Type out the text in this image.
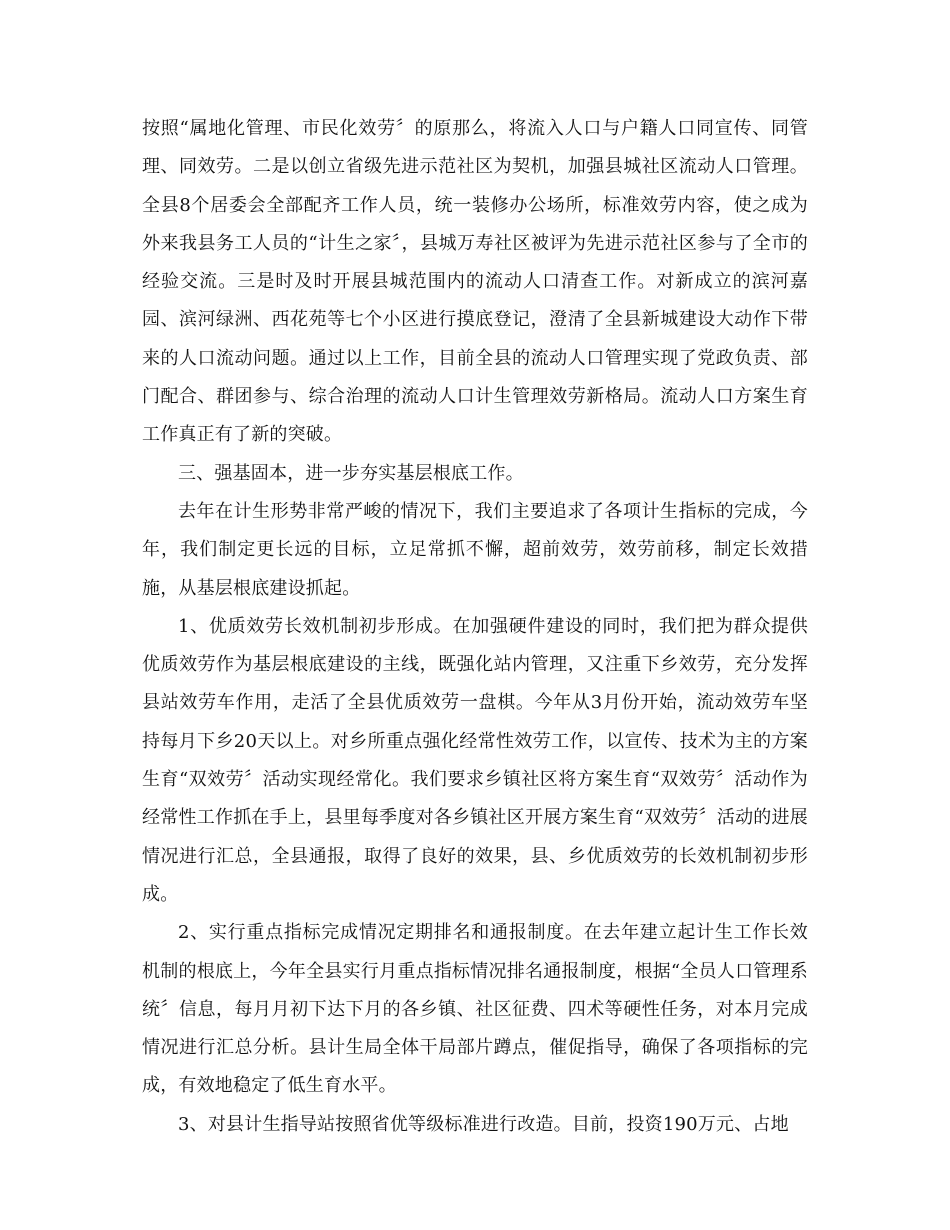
按照“属地化管理、市民化效劳〞的原那么，将流入人口与户籍人口同宣传、同管理、同效劳。二是以创立省级先进示范社区为契机，加强县城社区流动人口管理。全县8个居委会全部配齐工作人员，统一装修办公场所，标准效劳内容，使之成为外来我县务工人员的“计生之家〞，县城万寿社区被评为先进示范社区参与了全市的经验交流。三是时及时开展县城范围内的流动人口清查工作。对新成立的滨河嘉园、滨河绿洲、西花苑等七个小区进行摸底登记，澄清了全县新城建设大动作下带来的人口流动问题。通过以上工作，目前全县的流动人口管理实现了党政负责、部门配合、群团参与、综合治理的流动人口计生管理效劳新格局。流动人口方案生育工作真正有了新的突破。

三、强基固本，进一步夯实基层根底工作。

去年在计生形势非常严峻的情况下，我们主要追求了各项计生指标的完成，今年，我们制定更长远的目标，立足常抓不懈，超前效劳，效劳前移，制定长效措施，从基层根底建设抓起。

1、优质效劳长效机制初步形成。在加强硬件建设的同时，我们把为群众提供优质效劳作为基层根底建设的主线，既强化站内管理，又注重下乡效劳，充分发挥县站效劳车作用，走活了全县优质效劳一盘棋。今年从3月份开始，流动效劳车坚持每月下乡20天以上。对乡所重点强化经常性效劳工作，以宣传、技术为主的方案生育“双效劳〞活动实现经常化。我们要求乡镇社区将方案生育“双效劳〞活动作为经常性工作抓在手上，县里每季度对各乡镇社区开展方案生育“双效劳〞活动的进展情况进行汇总，全县通报，取得了良好的效果，县、乡优质效劳的长效机制初步形成。

2、实行重点指标完成情况定期排名和通报制度。在去年建立起计生工作长效机制的根底上，今年全县实行月重点指标情况排名通报制度，根据“全员人口管理系统〞信息，每月月初下达下月的各乡镇、社区征费、四术等硬性任务，对本月完成情况进行汇总分析。县计生局全体干局部片蹲点，催促指导，确保了各项指标的完成，有效地稳定了低生育水平。

3、对县计生指导站按照省优等级标准进行改造。目前，投资190万元、占地
